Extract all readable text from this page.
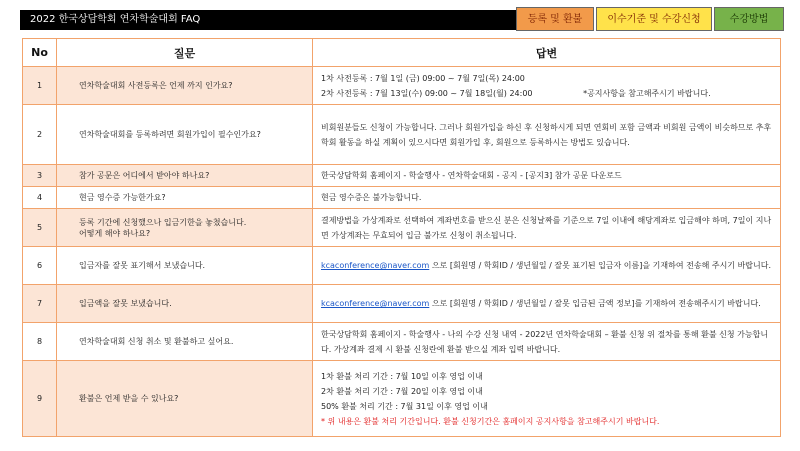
2022 한국상담학회 연차학술대회 FAQ	등록 및 환불	이수기준 및 수강신청	수강방법
No	질문	답변
1	연차학술대회 사전등록은 언제 까지 인가요?	1차 사전등록 : 7월 1일 (금) 09:00 ~ 7월 7일(목) 24:00
2차 사전등록 : 7월 13일(수) 09:00 ~ 7월 18일(월) 24:00 *공지사항을 참고해주시기 바랍니다.

2	연차학술대회를 등록하려면 회원가입이 필수인가요?	비회원분들도 신청이 가능합니다. 그러나 회원가입을 하신 후 신청하시게 되면 연회비 포함 금액과 비회원 금액이 비슷하므로 추후 학회 활동을 하실 계획이 있으시다면 회원가입 후, 회원으로 등록하시는 방법도 있습니다.
3	참가 공문은 어디에서 받아야 하나요?	한국상담학회 홈페이지 - 학술행사 - 연차학술대회 - 공지 - [공지3] 참가 공문 다운로드
4	현금 영수증 가능한가요?	현금 영수증은 불가능합니다.
5	등록 기간에 신청했으나 입금기한을 놓쳤습니다.
어떻게 해야 하나요?	결제방법을 가상계좌로 선택하여 계좌번호를 받으신 분은 신청날짜를 기준으로 7일 이내에 해당계좌로 입금해야 하며, 7일이 지나면 가상계좌는 무효되어 입금 불가로 신청이 취소됩니다.
6	입금자를 잘못 표기해서 보냈습니다.	kcaconference@naver.com 으로 [회원명 / 학회ID / 생년월일 / 잘못 표기된 입금자 이름]을 기재하여 전송해 주시기 바랍니다.
7	입금액을 잘못 보냈습니다.	kcaconference@naver.com 으로 [회원명 / 학회ID / 생년월일 / 잘못 입금된 금액 정보]를 기재하여 전송해주시기 바랍니다.
8	연차학술대회 신청 취소 및 환불하고 싶어요.	한국상담학회 홈페이지 - 학술행사 - 나의 수강 신청 내역 - 2022년 연차학술대회 – 환불 신청 위 절차를 통해 환불 신청 가능합니다. 가상계좌 결제 시 환불 신청란에 환불 받으실 계좌 입력 바랍니다.
9	환불은 언제 받을 수 있나요?	1차 환불 처리 기간 : 7월 10일 이후 영업 이내
2차 환불 처리 기간 : 7월 20일 이후 영업 이내
50% 환불 처리 기간 : 7월 31일 이후 영업 이내
* 위 내용은 환불 처리 기간입니다. 환불 신청기간은 홈페이지 공지사항을 참고해주시기 바랍니다.
